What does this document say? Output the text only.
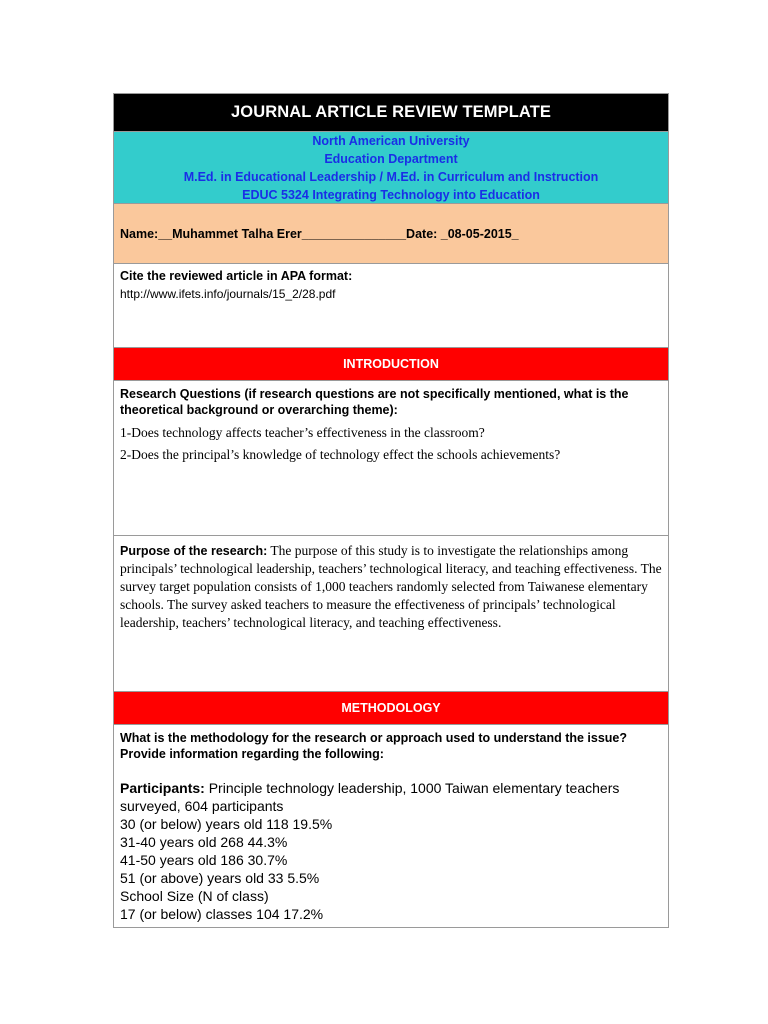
JOURNAL ARTICLE REVIEW TEMPLATE
North American University
Education Department
M.Ed. in Educational Leadership / M.Ed. in Curriculum and Instruction
EDUC 5324 Integrating Technology into Education
Name:__Muhammet Talha Erer_______________Date: _08-05-2015_
Cite the reviewed article in APA format:
http://www.ifets.info/journals/15_2/28.pdf
INTRODUCTION
Research Questions (if research questions are not specifically mentioned, what is the theoretical background or overarching theme):
1-Does technology affects teacher’s effectiveness in the classroom?
2-Does the principal’s knowledge of technology effect the schools achievements?

Purpose of the research: The purpose of this study is to investigate the relationships among principals’ technological leadership, teachers’ technological literacy, and teaching effectiveness. The survey target population consists of 1,000 teachers randomly selected from Taiwanese elementary schools. The survey asked teachers to measure the effectiveness of principals’ technological leadership, teachers’ technological literacy, and teaching effectiveness.

METHODOLOGY
What is the methodology for the research or approach used to understand the issue? Provide information regarding the following:
Participants: Principle technology leadership, 1000 Taiwan elementary teachers surveyed, 604 participants
30 (or below) years old 118 19.5%
31-40 years old 268 44.3%
41-50 years old 186 30.7%
51 (or above) years old 33 5.5%
School Size (N of class)
17 (or below) classes 104 17.2%
